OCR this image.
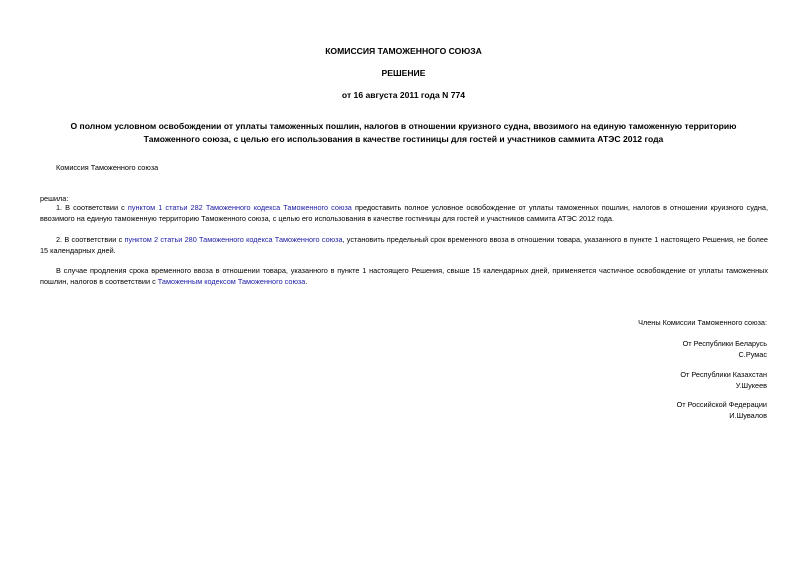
КОМИССИЯ ТАМОЖЕННОГО СОЮЗА
РЕШЕНИЕ
от 16 августа 2011 года N 774
О полном условном освобождении от уплаты таможенных пошлин, налогов в отношении круизного судна, ввозимого на единую таможенную территорию
Таможенного союза, с целью его использования в качестве гостиницы для гостей и участников саммита АТЭС 2012 года
Комиссия Таможенного союза
решила:
1. В соответствии с пунктом 1 статьи 282 Таможенного кодекса Таможенного союза предоставить полное условное освобождение от уплаты таможенных пошлин, налогов в отношении круизного судна, ввозимого на единую таможенную территорию Таможенного союза, с целью его использования в качестве гостиницы для гостей и участников саммита АТЭС 2012 года.
2. В соответствии с пунктом 2 статьи 280 Таможенного кодекса Таможенного союза, установить предельный срок временного ввоза в отношении товара, указанного в пункте 1 настоящего Решения, не более 15 календарных дней.
В случае продления срока временного ввоза в отношении товара, указанного в пункте 1 настоящего Решения, свыше 15 календарных дней, применяется частичное освобождение от уплаты таможенных пошлин, налогов в соответствии с Таможенным кодексом Таможенного союза.
Члены Комиссии Таможенного союза:
От Республики Беларусь
С.Румас
От Республики Казахстан
У.Шукеев
От Российской Федерации
И.Шувалов
